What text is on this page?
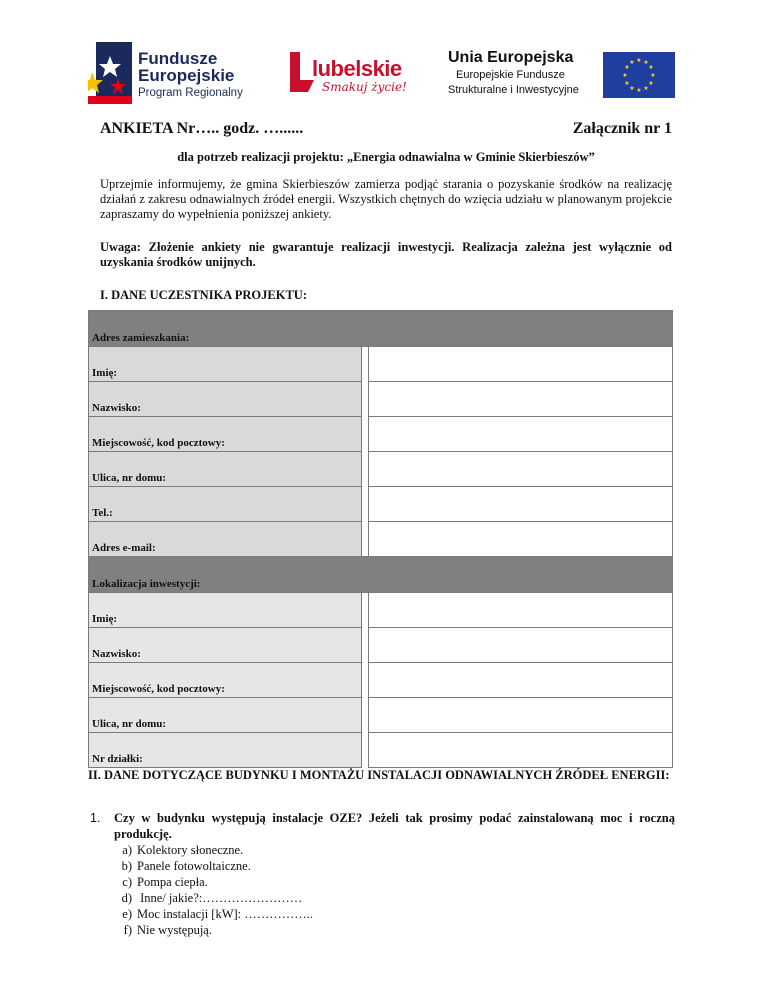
Fundusze
Europejskie
Program Regionalny
lubelskie
Smakuj życie!
Unia Europejska
Europejskie Fundusze
Strukturalne i Inwestycyjne
★ ★
★
★
★
★
★
★
★
★
★
★
ANKIETA Nr….. godz. …......	Załącznik nr 1
dla potrzeb realizacji projektu: „Energia odnawialna w Gminie Skierbieszów”
Uprzejmie informujemy, że gmina Skierbieszów zamierza podjąć starania o pozyskanie środków na realizację działań z zakresu odnawialnych źródeł energii. Wszystkich chętnych do wzięcia udziału w planowanym projekcie zapraszamy do wypełnienia poniższej ankiety.
Uwaga: Złożenie ankiety nie gwarantuje realizacji inwestycji. Realizacja zależna jest wyłącznie od uzyskania środków unijnych.
I. DANE UCZESTNIKA PROJEKTU:
Adres zamieszkania:		
Imię:		
Nazwisko:		
Miejscowość, kod pocztowy:		
Ulica, nr domu:		
Tel.:		
Adres e-mail:		
Lokalizacja inwestycji:		
Imię:		
Nazwisko:		
Miejscowość, kod pocztowy:		
Ulica, nr domu:		
Nr działki:		
II. DANE DOTYCZĄCE BUDYNKU I MONTAŻU INSTALACJI ODNAWIALNYCH ŹRÓDEŁ ENERGII:
1. Czy w budynku występują instalacje OZE? Jeżeli tak prosimy podać zainstalowaną moc i roczną produkcję.
a) Kolektory słoneczne.
b) Panele fotowoltaiczne.
c) Pompa ciepła.
d) Inne/ jakie?:……………………
e) Moc instalacji [kW]: ……………..
f) Nie występują.
